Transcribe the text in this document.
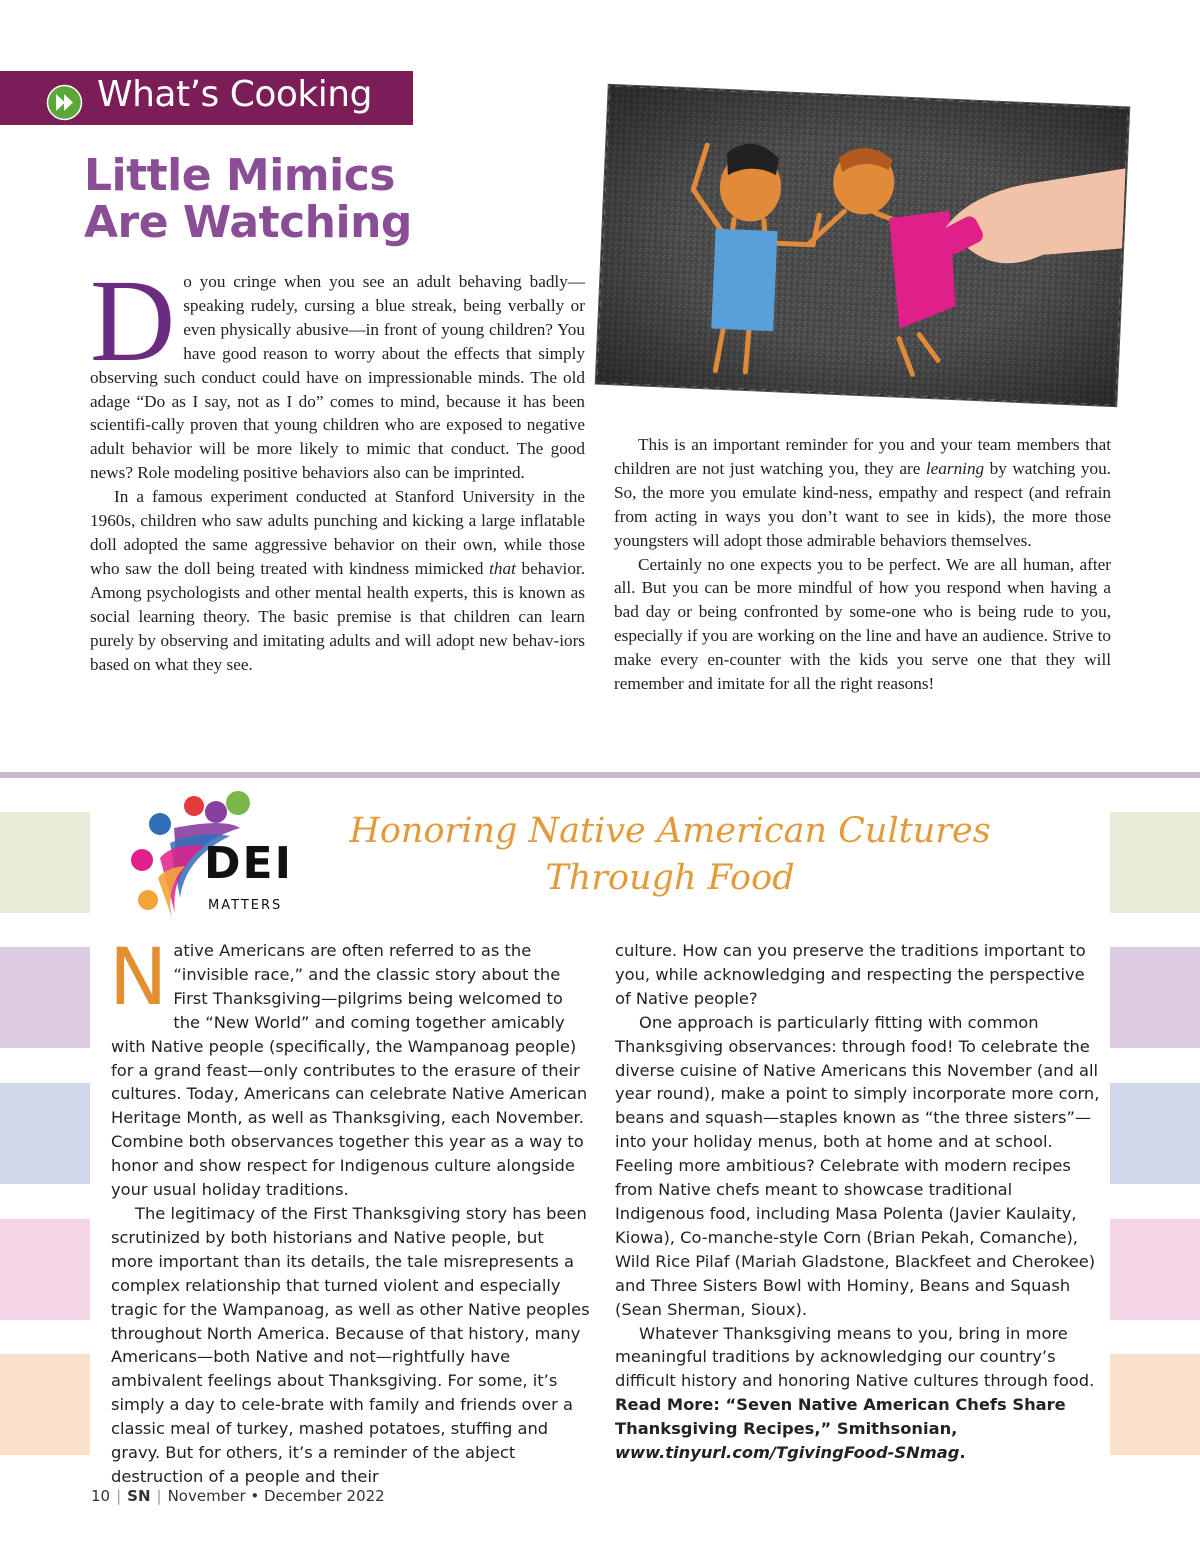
What’s Cooking
Little Mimics
Are Watching

Do you cringe when you see an adult behaving badly—speaking rudely, cursing a blue streak, being verbally or even physically abusive—in front of young children? You have good reason to worry about the effects that simply observing such conduct could have on impressionable minds. The old adage “Do as I say, not as I do” comes to mind, because it has been scientifi-cally proven that young children who are exposed to negative adult behavior will be more likely to mimic that conduct. The good news? Role modeling positive behaviors also can be imprinted.

In a famous experiment conducted at Stanford University in the 1960s, children who saw adults punching and kicking a large inflatable doll adopted the same aggressive behavior on their own, while those who saw the doll being treated with kindness mimicked that behavior. Among psychologists and other mental health experts, this is known as social learning theory. The basic premise is that children can learn purely by observing and imitating adults and will adopt new behav-iors based on what they see.

This is an important reminder for you and your team members that children are not just watching you, they are learning by watching you. So, the more you emulate kind-ness, empathy and respect (and refrain from acting in ways you don’t want to see in kids), the more those youngsters will adopt those admirable behaviors themselves.

Certainly no one expects you to be perfect. We are all human, after all. But you can be more mindful of how you respond when having a bad day or being confronted by some-one who is being rude to you, especially if you are working on the line and have an audience. Strive to make every en-counter with the kids you serve one that they will remember and imitate for all the right reasons!

DEI
MATTERS
Honoring Native American Cultures
Through Food

Native Americans are often referred to as the “invisible race,” and the classic story about the First Thanksgiving—pilgrims being welcomed to the “New World” and coming together amicably with Native people (specifically, the Wampanoag people) for a grand feast—only contributes to the erasure of their cultures. Today, Americans can celebrate Native American Heritage Month, as well as Thanksgiving, each November. Combine both observances together this year as a way to honor and show respect for Indigenous culture alongside your usual holiday traditions.

The legitimacy of the First Thanksgiving story has been scrutinized by both historians and Native people, but more important than its details, the tale misrepresents a complex relationship that turned violent and especially tragic for the Wampanoag, as well as other Native peoples throughout North America. Because of that history, many Americans—both Native and not—rightfully have ambivalent feelings about Thanksgiving. For some, it’s simply a day to cele-brate with family and friends over a classic meal of turkey, mashed potatoes, stuffing and gravy. But for others, it’s a reminder of the abject destruction of a people and their

culture. How can you preserve the traditions important to you, while acknowledging and respecting the perspective of Native people?

One approach is particularly fitting with common Thanksgiving observances: through food! To celebrate the diverse cuisine of Native Americans this November (and all year round), make a point to simply incorporate more corn, beans and squash—staples known as “the three sisters”—into your holiday menus, both at home and at school. Feeling more ambitious? Celebrate with modern recipes from Native chefs meant to showcase traditional Indigenous food, including Masa Polenta (Javier Kaulaity, Kiowa), Co-manche-style Corn (Brian Pekah, Comanche), Wild Rice Pilaf (Mariah Gladstone, Blackfeet and Cherokee) and Three Sisters Bowl with Hominy, Beans and Squash (Sean Sherman, Sioux).

Whatever Thanksgiving means to you, bring in more meaningful traditions by acknowledging our country’s difficult history and honoring Native cultures through food. Read More: “Seven Native American Chefs Share Thanksgiving Recipes,” Smithsonian, www.tinyurl.com/TgivingFood-SNmag.

10 | SN | November • December 2022
